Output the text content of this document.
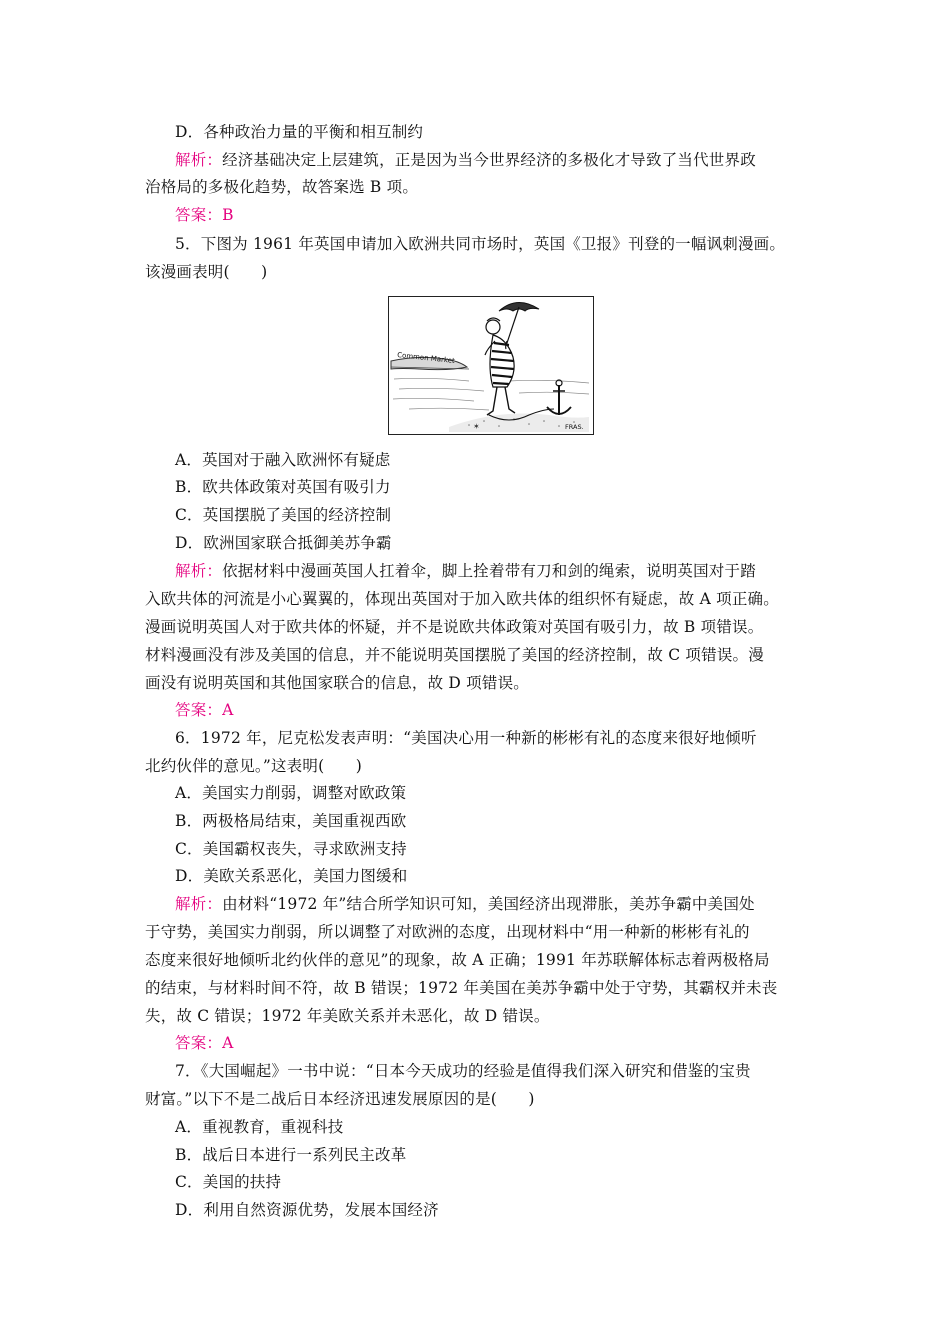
D．各种政治力量的平衡和相互制约
解析：经济基础决定上层建筑，正是因为当今世界经济的多极化才导致了当代世界政
治格局的多极化趋势，故答案选 B 项。
答案：B
5．下图为 1961 年英国申请加入欧洲共同市场时，英国《卫报》刊登的一幅讽刺漫画。
该漫画表明(　　)
✶
Common Market
FRAS.
A．英国对于融入欧洲怀有疑虑
B．欧共体政策对英国有吸引力
C．英国摆脱了美国的经济控制
D．欧洲国家联合抵御美苏争霸
解析：依据材料中漫画英国人扛着伞，脚上拴着带有刀和剑的绳索，说明英国对于踏
入欧共体的河流是小心翼翼的，体现出英国对于加入欧共体的组织怀有疑虑，故 A 项正确。
漫画说明英国人对于欧共体的怀疑，并不是说欧共体政策对英国有吸引力，故 B 项错误。
材料漫画没有涉及美国的信息，并不能说明英国摆脱了美国的经济控制，故 C 项错误。漫
画没有说明英国和其他国家联合的信息，故 D 项错误。
答案：A
6．1972 年，尼克松发表声明：“美国决心用一种新的彬彬有礼的态度来很好地倾听
北约伙伴的意见。”这表明(　　)
A．美国实力削弱，调整对欧政策
B．两极格局结束，美国重视西欧
C．美国霸权丧失，寻求欧洲支持
D．美欧关系恶化，美国力图缓和
解析：由材料“1972 年”结合所学知识可知，美国经济出现滞胀，美苏争霸中美国处
于守势，美国实力削弱，所以调整了对欧洲的态度，出现材料中“用一种新的彬彬有礼的
态度来很好地倾听北约伙伴的意见”的现象，故 A 正确；1991 年苏联解体标志着两极格局
的结束，与材料时间不符，故 B 错误；1972 年美国在美苏争霸中处于守势，其霸权并未丧
失，故 C 错误；1972 年美欧关系并未恶化，故 D 错误。
答案：A
7．《大国崛起》一书中说：“日本今天成功的经验是值得我们深入研究和借鉴的宝贵
财富。”以下不是二战后日本经济迅速发展原因的是(　　)
A．重视教育，重视科技
B．战后日本进行一系列民主改革
C．美国的扶持
D．利用自然资源优势，发展本国经济
